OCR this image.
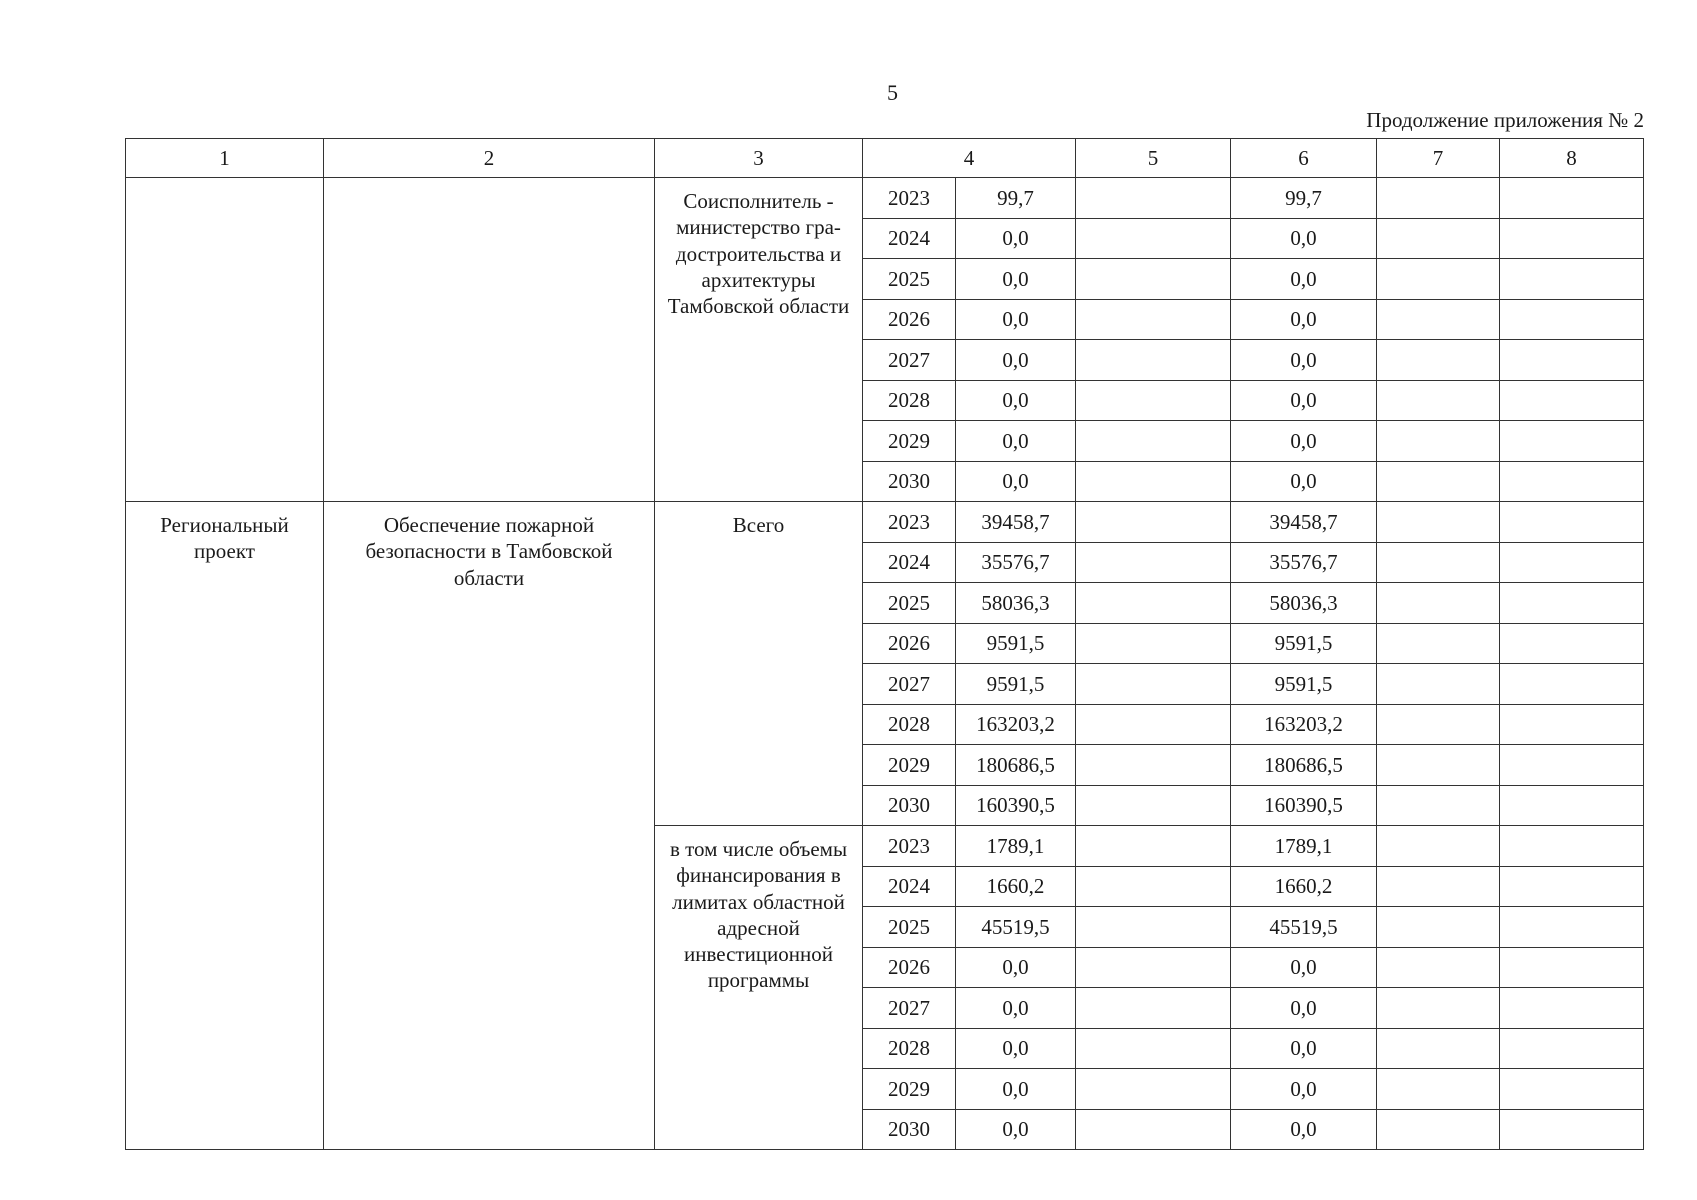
5
Продолжение приложения № 2
1	2	3	4		5	6	7	8

		Соисполнитель - министерство гра-достроительства и архитектуры Тамбовской области	2023	99,7		99,7		
			2024	0,0		0,0		
			2025	0,0		0,0		
			2026	0,0		0,0		
			2027	0,0		0,0		
			2028	0,0		0,0		
			2029	0,0		0,0		
			2030	0,0		0,0		

Региональный проект	Обеспечение пожарной безопасности в Тамбовской области	Всего	2023	39458,7		39458,7		
			2024	35576,7		35576,7		
			2025	58036,3		58036,3		
			2026	9591,5		9591,5		
			2027	9591,5		9591,5		
			2028	163203,2		163203,2		
			2029	180686,5		180686,5		
			2030	160390,5		160390,5		

		в том числе объемы финансирования в лимитах областной адресной инвестиционной программы	2023	1789,1		1789,1		
			2024	1660,2		1660,2		
			2025	45519,5		45519,5		
			2026	0,0		0,0		
			2027	0,0		0,0		
			2028	0,0		0,0		
			2029	0,0		0,0		
			2030	0,0		0,0		
